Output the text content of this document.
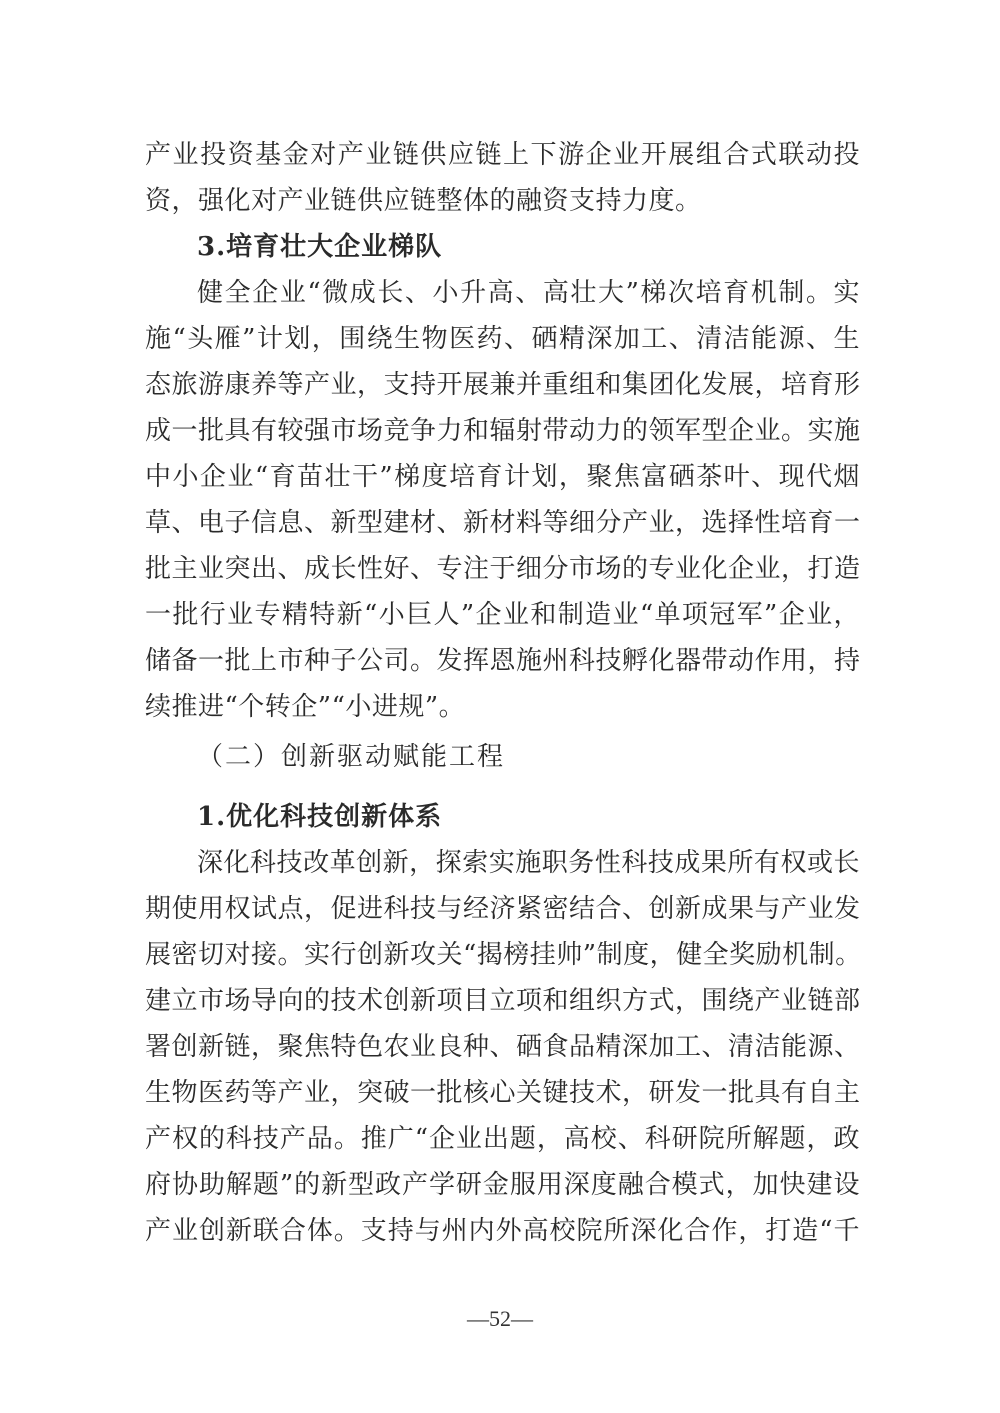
产业投资基金对产业链供应链上下游企业开展组合式联动投
资，强化对产业链供应链整体的融资支持力度。
3.培育壮大企业梯队
健全企业“微成长、小升高、高壮大”梯次培育机制。实
施“头雁”计划，围绕生物医药、硒精深加工、清洁能源、生
态旅游康养等产业，支持开展兼并重组和集团化发展，培育形
成一批具有较强市场竞争力和辐射带动力的领军型企业。实施
中小企业“育苗壮干”梯度培育计划，聚焦富硒茶叶、现代烟
草、电子信息、新型建材、新材料等细分产业，选择性培育一
批主业突出、成长性好、专注于细分市场的专业化企业，打造
一批行业专精特新“小巨人”企业和制造业“单项冠军”企业，
储备一批上市种子公司。发挥恩施州科技孵化器带动作用，持
续推进“个转企”“小进规”。
（二）创新驱动赋能工程
1.优化科技创新体系
深化科技改革创新，探索实施职务性科技成果所有权或长
期使用权试点，促进科技与经济紧密结合、创新成果与产业发
展密切对接。实行创新攻关“揭榜挂帅”制度，健全奖励机制。
建立市场导向的技术创新项目立项和组织方式，围绕产业链部
署创新链，聚焦特色农业良种、硒食品精深加工、清洁能源、
生物医药等产业，突破一批核心关键技术，研发一批具有自主
产权的科技产品。推广“企业出题，高校、科研院所解题，政
府协助解题”的新型政产学研金服用深度融合模式，加快建设
产业创新联合体。支持与州内外高校院所深化合作，打造“千
—52—
